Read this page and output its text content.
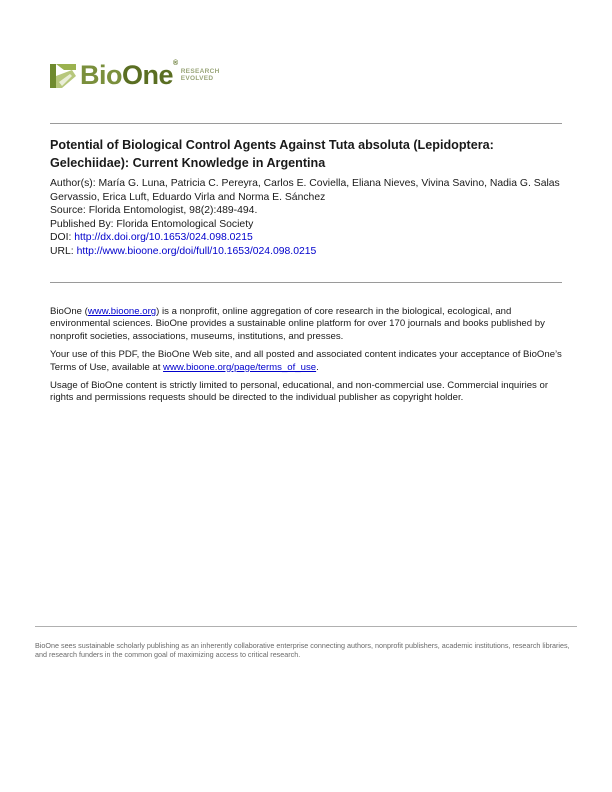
BioOne®
RESEARCH
EVOLVED
Potential of Biological Control Agents Against Tuta absoluta (Lepidoptera: Gelechiidae): Current Knowledge in Argentina
Author(s): María G. Luna, Patricia C. Pereyra, Carlos E. Coviella, Eliana Nieves, Vivina Savino, Nadia G. Salas Gervassio, Erica Luft, Eduardo Virla and Norma E. Sánchez
Source: Florida Entomologist, 98(2):489-494.
Published By: Florida Entomological Society
DOI: http://dx.doi.org/10.1653/024.098.0215
URL: http://www.bioone.org/doi/full/10.1653/024.098.0215

BioOne (www.bioone.org) is a nonprofit, online aggregation of core research in the biological, ecological, and environmental sciences. BioOne provides a sustainable online platform for over 170 journals and books published by nonprofit societies, associations, museums, institutions, and presses.

Your use of this PDF, the BioOne Web site, and all posted and associated content indicates your acceptance of BioOne’s Terms of Use, available at www.bioone.org/page/terms_of_use.

Usage of BioOne content is strictly limited to personal, educational, and non-commercial use. Commercial inquiries or rights and permissions requests should be directed to the individual publisher as copyright holder.

BioOne sees sustainable scholarly publishing as an inherently collaborative enterprise connecting authors, nonprofit publishers, academic institutions, research libraries, and research funders in the common goal of maximizing access to critical research.
